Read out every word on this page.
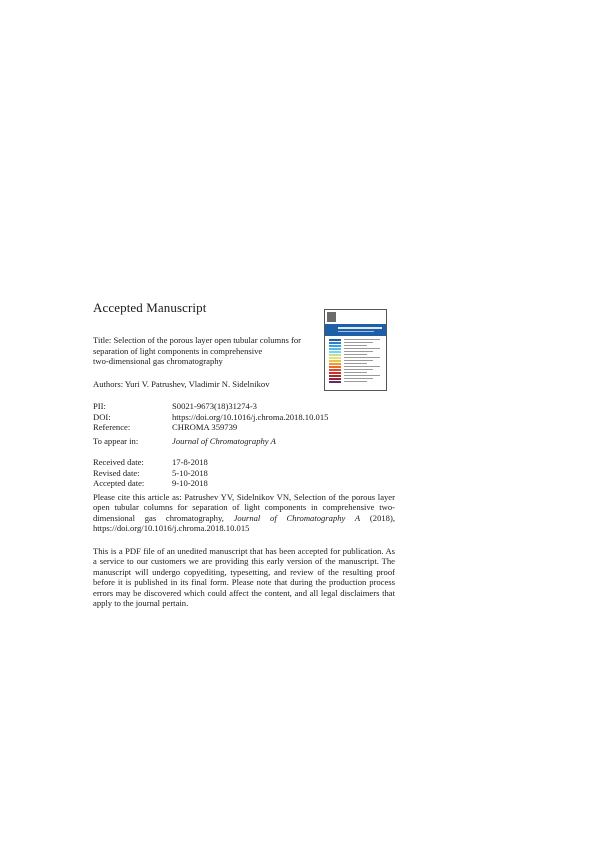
Accepted Manuscript
Title: Selection of the porous layer open tubular columns for
separation of light components in comprehensive
two-dimensional gas chromatography
Authors: Yuri V. Patrushev, Vladimir N. Sidelnikov
PII:	S0021-9673(18)31274-3
DOI:	https://doi.org/10.1016/j.chroma.2018.10.015
Reference:	CHROMA 359739
To appear in:	Journal of Chromatography A
Received date:	17-8-2018
Revised date:	5-10-2018
Accepted date:	9-10-2018
Please cite this article as: Patrushev YV, Sidelnikov VN, Selection of the porous layer open tubular columns for separation of light components in comprehensive two-dimensional gas chromatography, Journal of Chromatography A (2018), https://doi.org/10.1016/j.chroma.2018.10.015
This is a PDF file of an unedited manuscript that has been accepted for publication. As a service to our customers we are providing this early version of the manuscript. The manuscript will undergo copyediting, typesetting, and review of the resulting proof before it is published in its final form. Please note that during the production process errors may be discovered which could affect the content, and all legal disclaimers that apply to the journal pertain.
